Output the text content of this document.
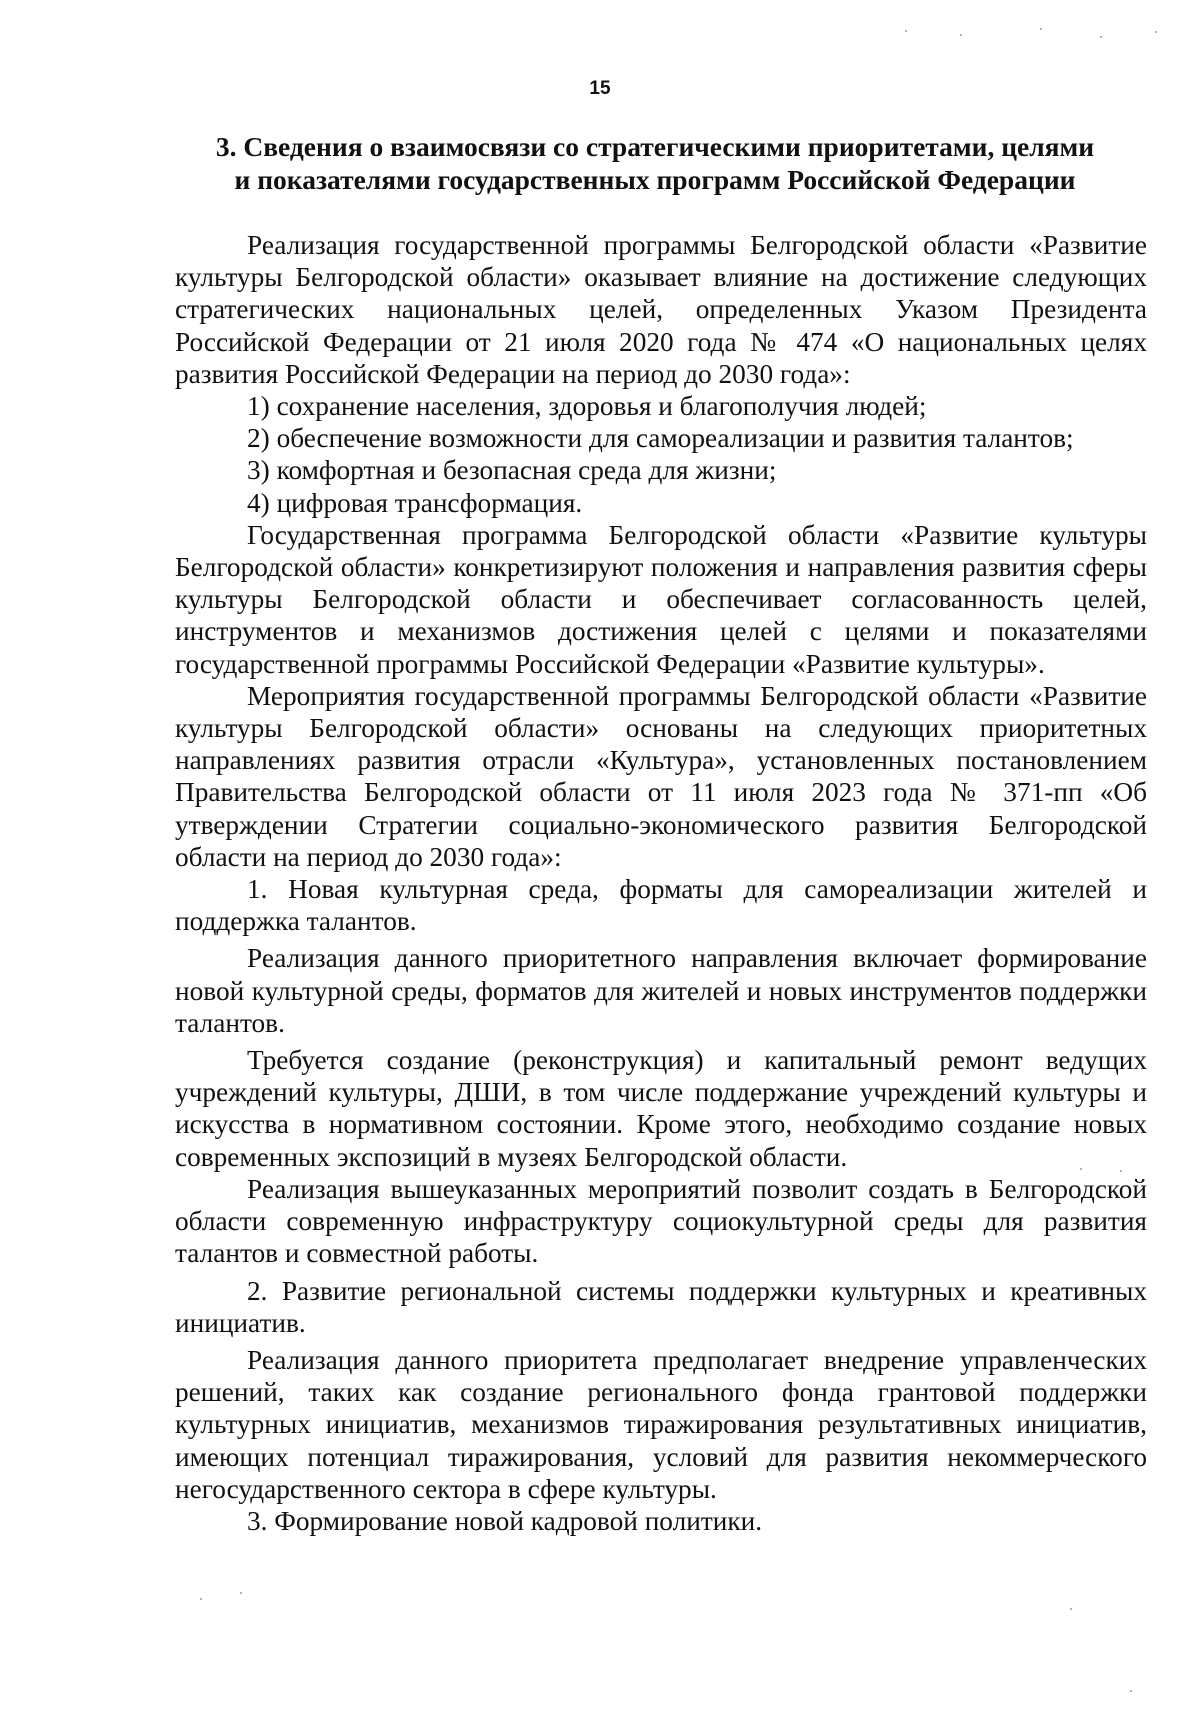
15
3. Сведения о взаимосвязи со стратегическими приоритетами, целями
и показателями государственных программ Российской Федерации

Реализация государственной программы Белгородской области «Развитие культуры Белгородской области» оказывает влияние на достижение следующих стратегических национальных целей, определенных Указом Президента Российской Федерации от 21 июля 2020 года № 474 «О национальных целях развития Российской Федерации на период до 2030 года»:

1) сохранение населения, здоровья и благополучия людей;

2) обеспечение возможности для самореализации и развития талантов;

3) комфортная и безопасная среда для жизни;

4) цифровая трансформация.

Государственная программа Белгородской области «Развитие культуры Белгородской области» конкретизируют положения и направления развития сферы культуры Белгородской области и обеспечивает согласованность целей, инструментов и механизмов достижения целей с целями и показателями государственной программы Российской Федерации «Развитие культуры».

Мероприятия государственной программы Белгородской области «Развитие культуры Белгородской области» основаны на следующих приоритетных направлениях развития отрасли «Культура», установленных постановлением Правительства Белгородской области от 11 июля 2023 года № 371-пп «Об утверждении Стратегии социально-экономического развития Белгородской области на период до 2030 года»:

1. Новая культурная среда, форматы для самореализации жителей и поддержка талантов.

Реализация данного приоритетного направления включает формирование новой культурной среды, форматов для жителей и новых инструментов поддержки талантов.

Требуется создание (реконструкция) и капитальный ремонт ведущих учреждений культуры, ДШИ, в том числе поддержание учреждений культуры и искусства в нормативном состоянии. Кроме этого, необходимо создание новых современных экспозиций в музеях Белгородской области.

Реализация вышеуказанных мероприятий позволит создать в Белгородской области современную инфраструктуру социокультурной среды для развития талантов и совместной работы.

2. Развитие региональной системы поддержки культурных и креативных инициатив.

Реализация данного приоритета предполагает внедрение управленческих решений, таких как создание регионального фонда грантовой поддержки культурных инициатив, механизмов тиражирования результативных инициатив, имеющих потенциал тиражирования, условий для развития некоммерческого негосударственного сектора в сфере культуры.

3. Формирование новой кадровой политики.
